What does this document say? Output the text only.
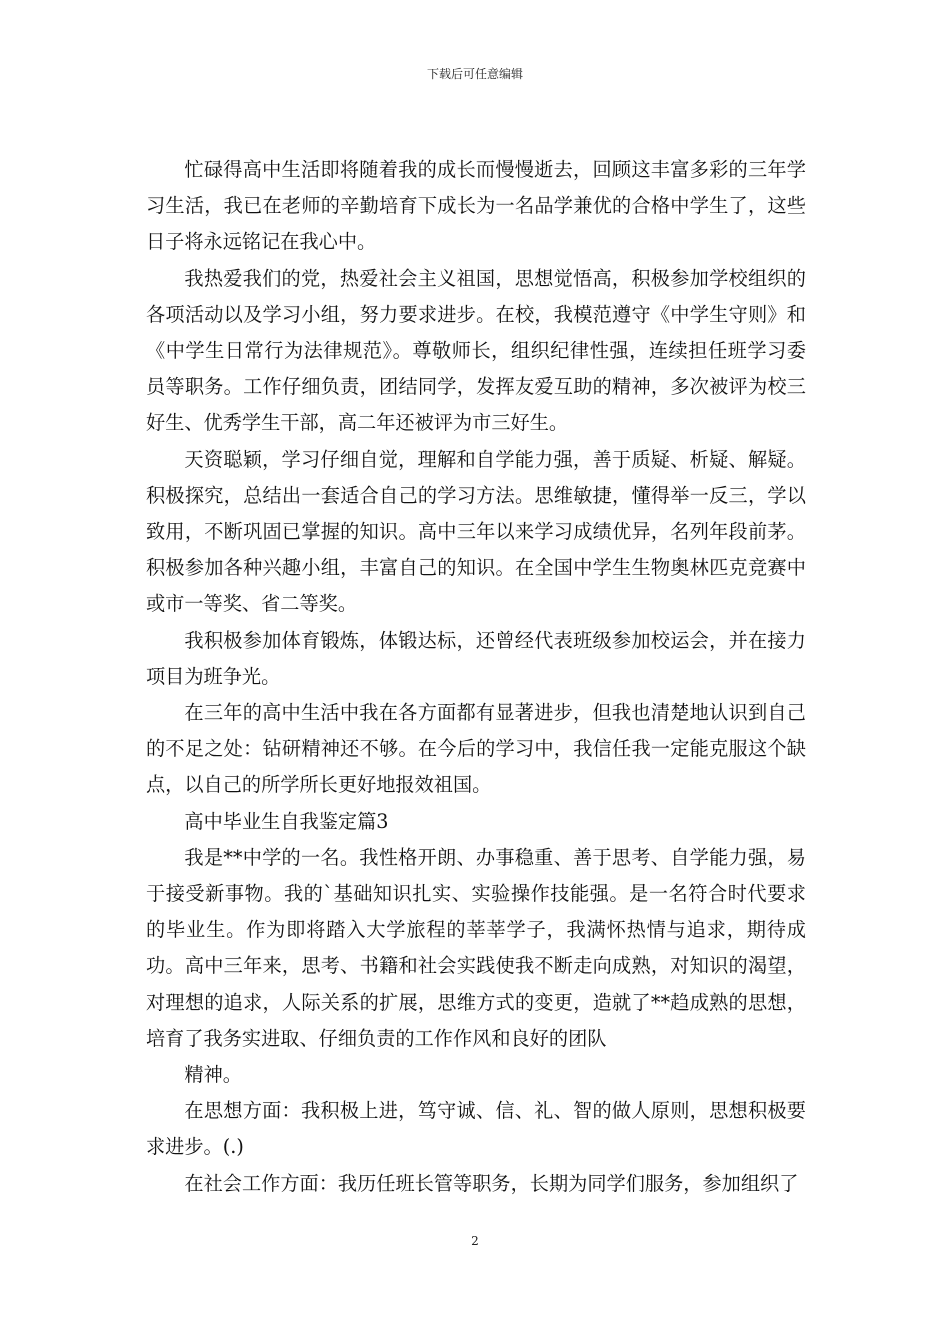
下载后可任意编辑

忙碌得高中生活即将随着我的成长而慢慢逝去，回顾这丰富多彩的三年学习生活，我已在老师的辛勤培育下成长为一名品学兼优的合格中学生了，这些日子将永远铭记在我心中。

我热爱我们的党，热爱社会主义祖国，思想觉悟高，积极参加学校组织的各项活动以及学习小组，努力要求进步。在校，我模范遵守《中学生守则》和《中学生日常行为法律规范》。尊敬师长，组织纪律性强，连续担任班学习委员等职务。工作仔细负责，团结同学，发挥友爱互助的精神，多次被评为校三好生、优秀学生干部，高二年还被评为市三好生。

天资聪颖，学习仔细自觉，理解和自学能力强，善于质疑、析疑、解疑。积极探究，总结出一套适合自己的学习方法。思维敏捷，懂得举一反三，学以致用，不断巩固已掌握的知识。高中三年以来学习成绩优异，名列年段前茅。积极参加各种兴趣小组，丰富自己的知识。在全国中学生生物奥林匹克竞赛中或市一等奖、省二等奖。

我积极参加体育锻炼，体锻达标，还曾经代表班级参加校运会，并在接力项目为班争光。

在三年的高中生活中我在各方面都有显著进步，但我也清楚地认识到自己的不足之处：钻研精神还不够。在今后的学习中，我信任我一定能克服这个缺点，以自己的所学所长更好地报效祖国。

高中毕业生自我鉴定篇3

我是**中学的一名。我性格开朗、办事稳重、善于思考、自学能力强，易于接受新事物。我的`基础知识扎实、实验操作技能强。是一名符合时代要求的毕业生。作为即将踏入大学旅程的莘莘学子，我满怀热情与追求，期待成功。高中三年来，思考、书籍和社会实践使我不断走向成熟，对知识的渴望，对理想的追求，人际关系的扩展，思维方式的变更，造就了**趋成熟的思想，培育了我务实进取、仔细负责的工作作风和良好的团队

精神。

在思想方面：我积极上进，笃守诚、信、礼、智的做人原则，思想积极要求进步。(.)

在社会工作方面：我历任班长管等职务，长期为同学们服务，参加组织了

2
